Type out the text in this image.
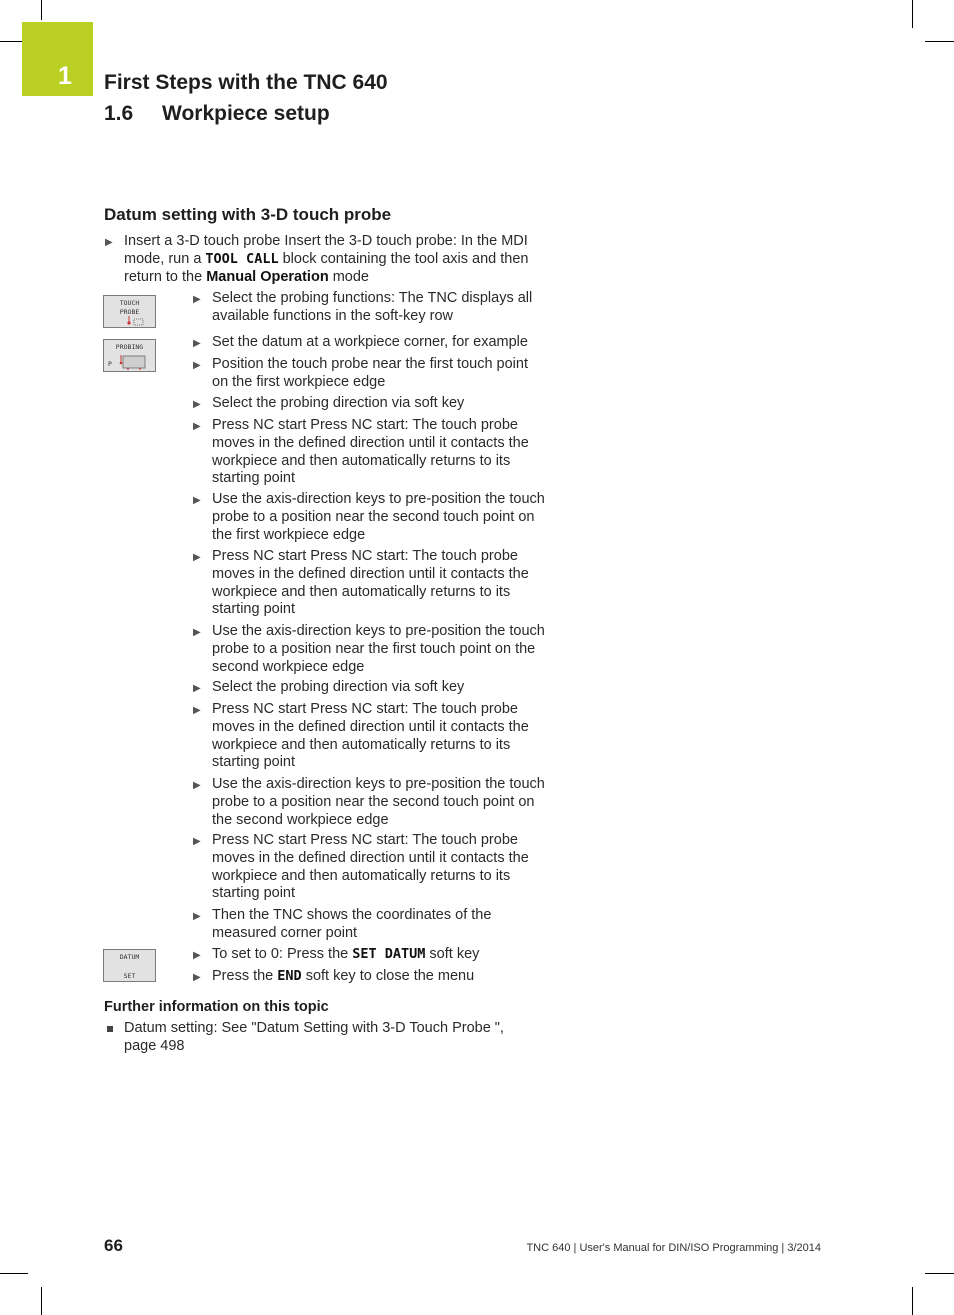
1 First Steps with the TNC 640
1.6 Workpiece setup
Datum setting with 3-D touch probe
▶ Insert a 3-D touch probe Insert the 3-D touch probe: In the MDI mode, run a TOOL CALL block containing the tool axis and then return to the Manual Operation mode
TOUCH
PROBE
PROBING
P
▶ Select the probing functions: The TNC displays all available functions in the soft-key row
▶ Set the datum at a workpiece corner, for example
▶ Position the touch probe near the first touch point on the first workpiece edge
▶ Select the probing direction via soft key
▶ Press NC start Press NC start: The touch probe moves in the defined direction until it contacts the workpiece and then automatically returns to its starting point
▶ Use the axis-direction keys to pre-position the touch probe to a position near the second touch point on the first workpiece edge
▶ Press NC start Press NC start: The touch probe moves in the defined direction until it contacts the workpiece and then automatically returns to its starting point
▶ Use the axis-direction keys to pre-position the touch probe to a position near the first touch point on the second workpiece edge
▶ Select the probing direction via soft key
▶ Press NC start Press NC start: The touch probe moves in the defined direction until it contacts the workpiece and then automatically returns to its starting point
▶ Use the axis-direction keys to pre-position the touch probe to a position near the second touch point on the second workpiece edge
▶ Press NC start Press NC start: The touch probe moves in the defined direction until it contacts the workpiece and then automatically returns to its starting point
▶ Then the TNC shows the coordinates of the measured corner point
DATUM
SET
▶ To set to 0: Press the SET DATUM soft key
▶ Press the END soft key to close the menu
Further information on this topic
Datum setting: See "Datum Setting with 3-D Touch Probe ", page 498
66	TNC 640 | User's Manual for DIN/ISO Programming | 3/2014
